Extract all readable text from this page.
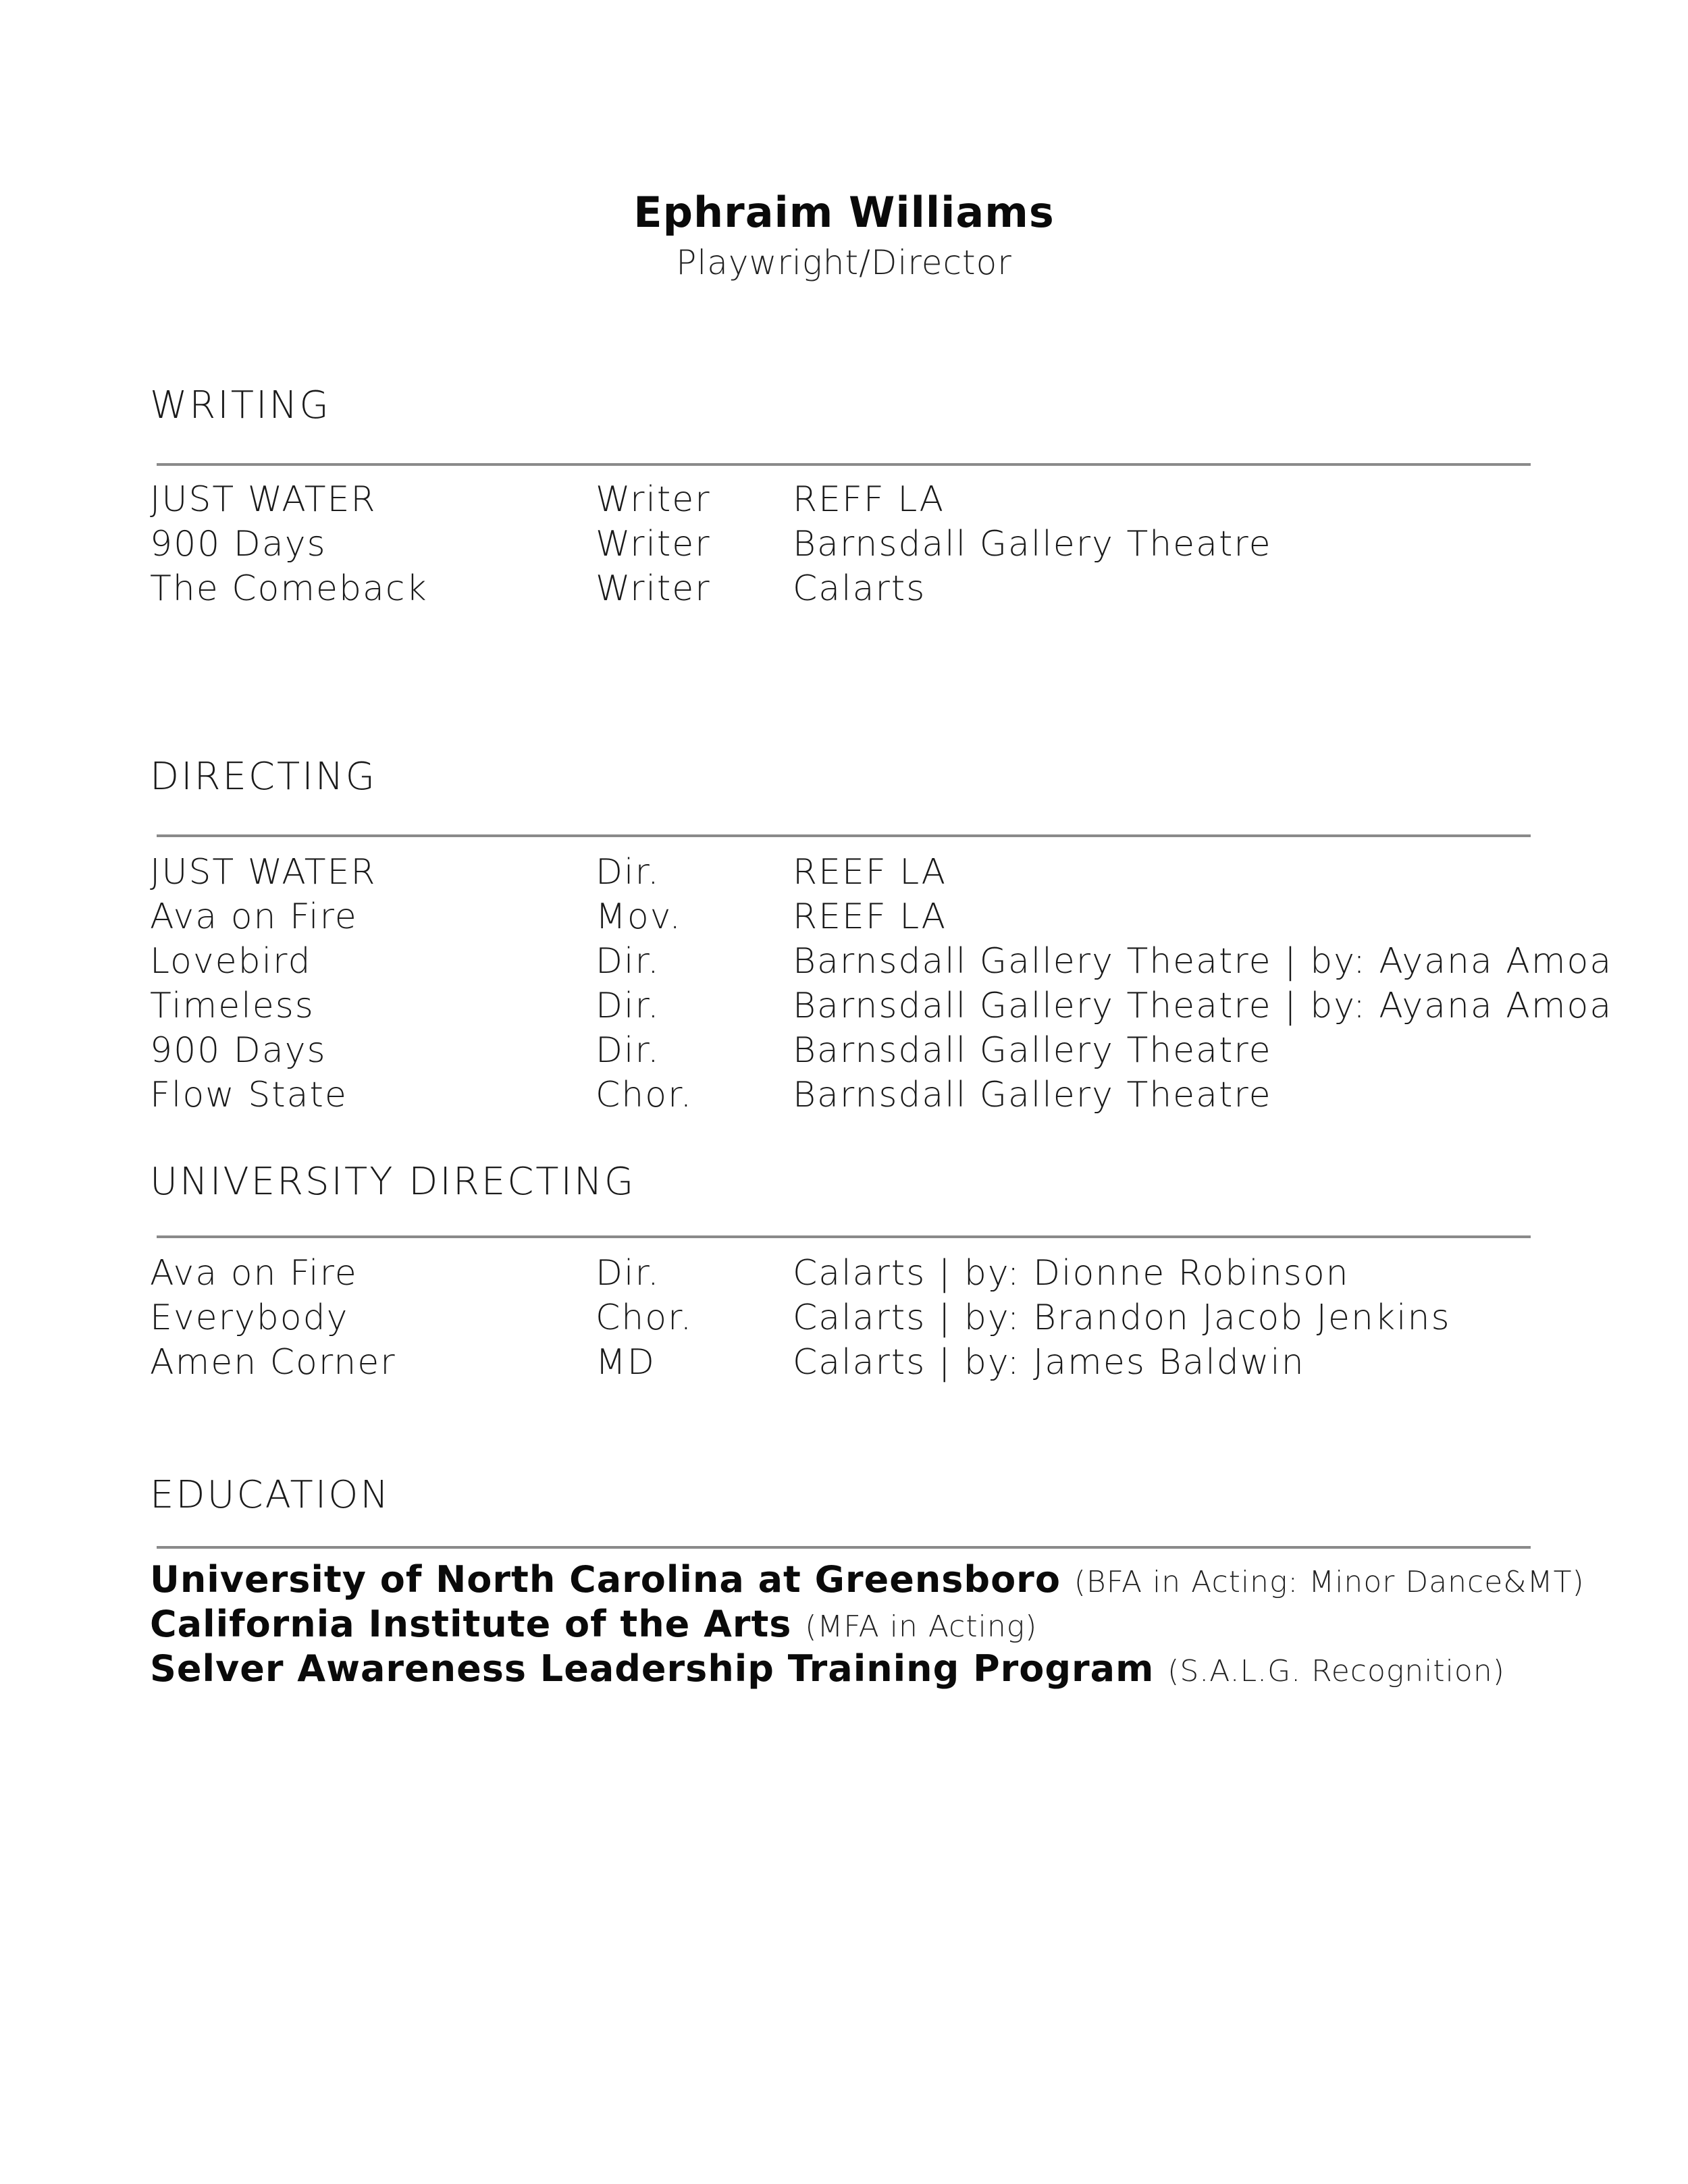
Ephraim Williams
Playwright/Director
WRITING
JUST WATER	Writer REFF LA
900 Days	Writer Barnsdall Gallery Theatre
The Comeback	Writer Calarts
DIRECTING
JUST WATER	Dir.	REEF LA
Ava on Fire	Mov.	REEF LA
Lovebird	Dir.	Barnsdall Gallery Theatre | by: Ayana Amoa
Timeless	Dir.	Barnsdall Gallery Theatre | by: Ayana Amoa
900 Days	Dir.	Barnsdall Gallery Theatre
Flow State	Chor.	Barnsdall Gallery Theatre
UNIVERSITY DIRECTING
Ava on Fire	Dir.	Calarts | by: Dionne Robinson
Everybody	Chor.	Calarts | by: Brandon Jacob Jenkins
Amen Corner	MD	Calarts | by: James Baldwin
EDUCATION
University of North Carolina at Greensboro (BFA in Acting: Minor Dance&MT)
California Institute of the Arts (MFA in Acting)
Selver Awareness Leadership Training Program (S.A.L.G. Recognition)
